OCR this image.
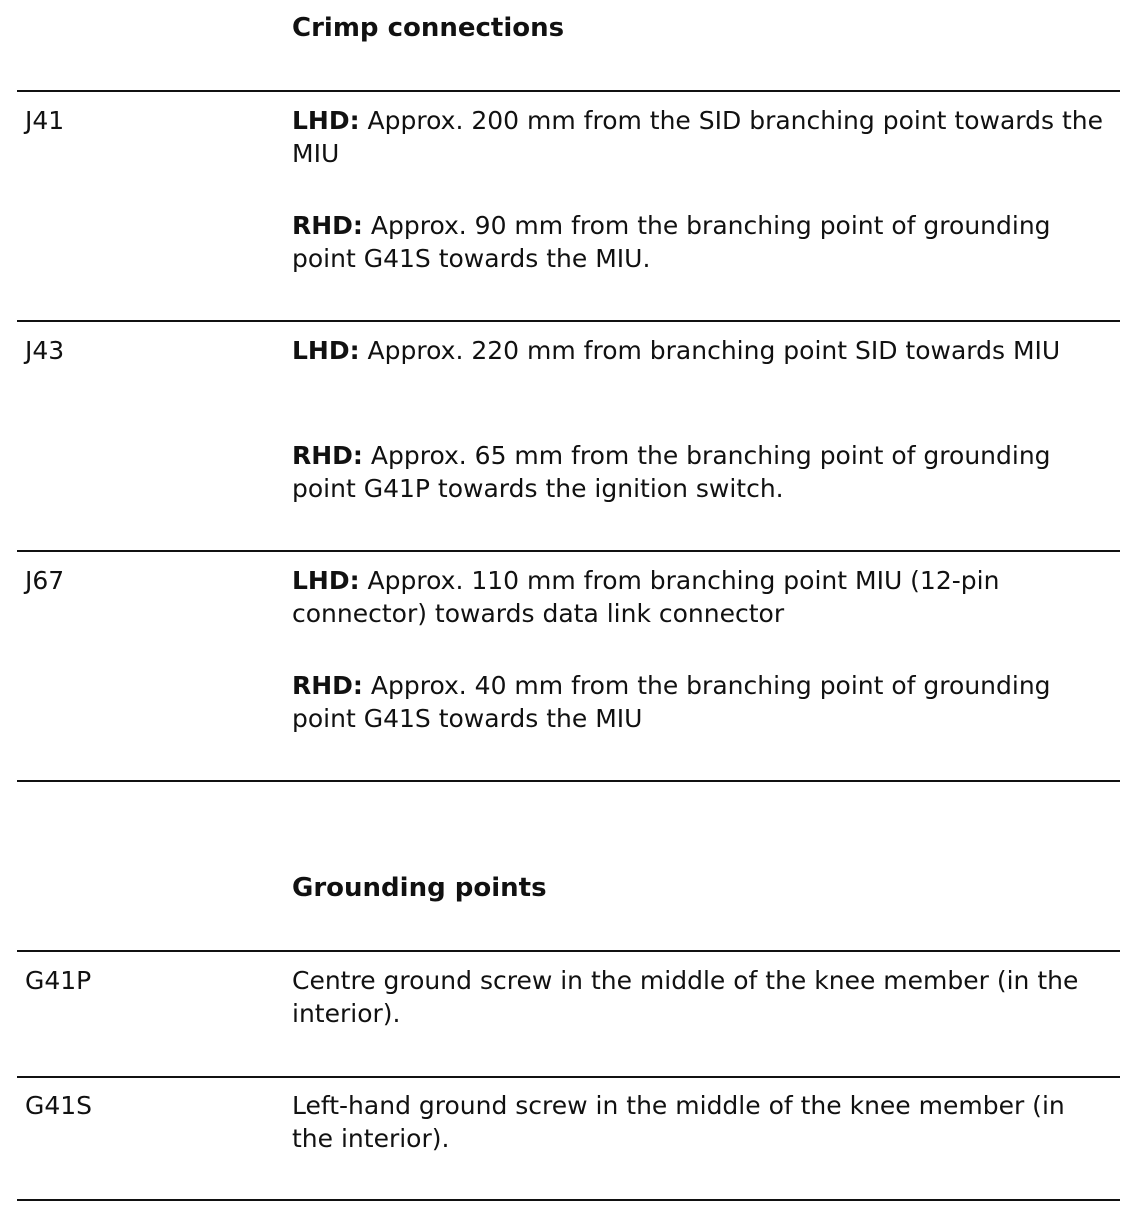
Crimp connections
J41	LHD: Approx. 200 mm from the SID branching point towards the MIU

RHD: Approx. 90 mm from the branching point of grounding point G41S towards the MIU.

J43	LHD: Approx. 220 mm from branching point SID towards MIU

RHD: Approx. 65 mm from the branching point of grounding point G41P towards the ignition switch.

J67	LHD: Approx. 110 mm from branching point MIU (12-pin connector) towards data link connector

RHD: Approx. 40 mm from the branching point of grounding point G41S towards the MIU

Grounding points
G41P	Centre ground screw in the middle of the knee member (in the interior).

G41S	Left-hand ground screw in the middle of the knee member (in the interior).
